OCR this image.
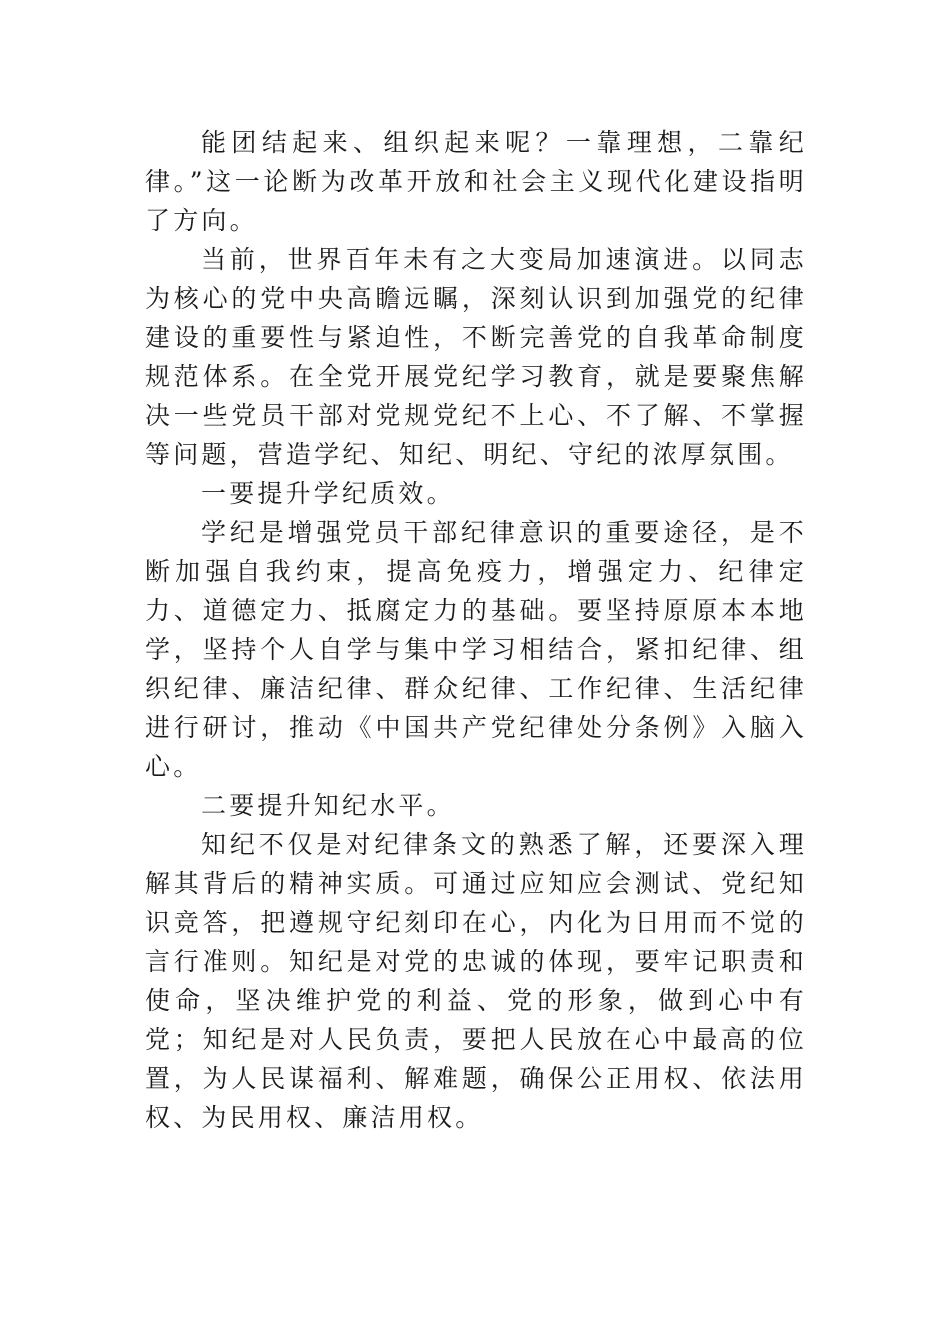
能团结起来、组织起来呢？一靠理想，二靠纪律。”这一论断为改革开放和社会主义现代化建设指明了方向。

当前，世界百年未有之大变局加速演进。以同志为核心的党中央高瞻远瞩，深刻认识到加强党的纪律建设的重要性与紧迫性，不断完善党的自我革命制度规范体系。在全党开展党纪学习教育，就是要聚焦解决一些党员干部对党规党纪不上心、不了解、不掌握等问题，营造学纪、知纪、明纪、守纪的浓厚氛围。

一要提升学纪质效。

学纪是增强党员干部纪律意识的重要途径，是不断加强自我约束，提高免疫力，增强定力、纪律定力、道德定力、抵腐定力的基础。要坚持原原本本地学，坚持个人自学与集中学习相结合，紧扣纪律、组织纪律、廉洁纪律、群众纪律、工作纪律、生活纪律进行研讨，推动《中国共产党纪律处分条例》入脑入心。

二要提升知纪水平。

知纪不仅是对纪律条文的熟悉了解，还要深入理解其背后的精神实质。可通过应知应会测试、党纪知识竞答，把遵规守纪刻印在心，内化为日用而不觉的言行准则。知纪是对党的忠诚的体现，要牢记职责和使命，坚决维护党的利益、党的形象，做到心中有党；知纪是对人民负责，要把人民放在心中最高的位置，为人民谋福利、解难题，确保公正用权、依法用权、为民用权、廉洁用权。
